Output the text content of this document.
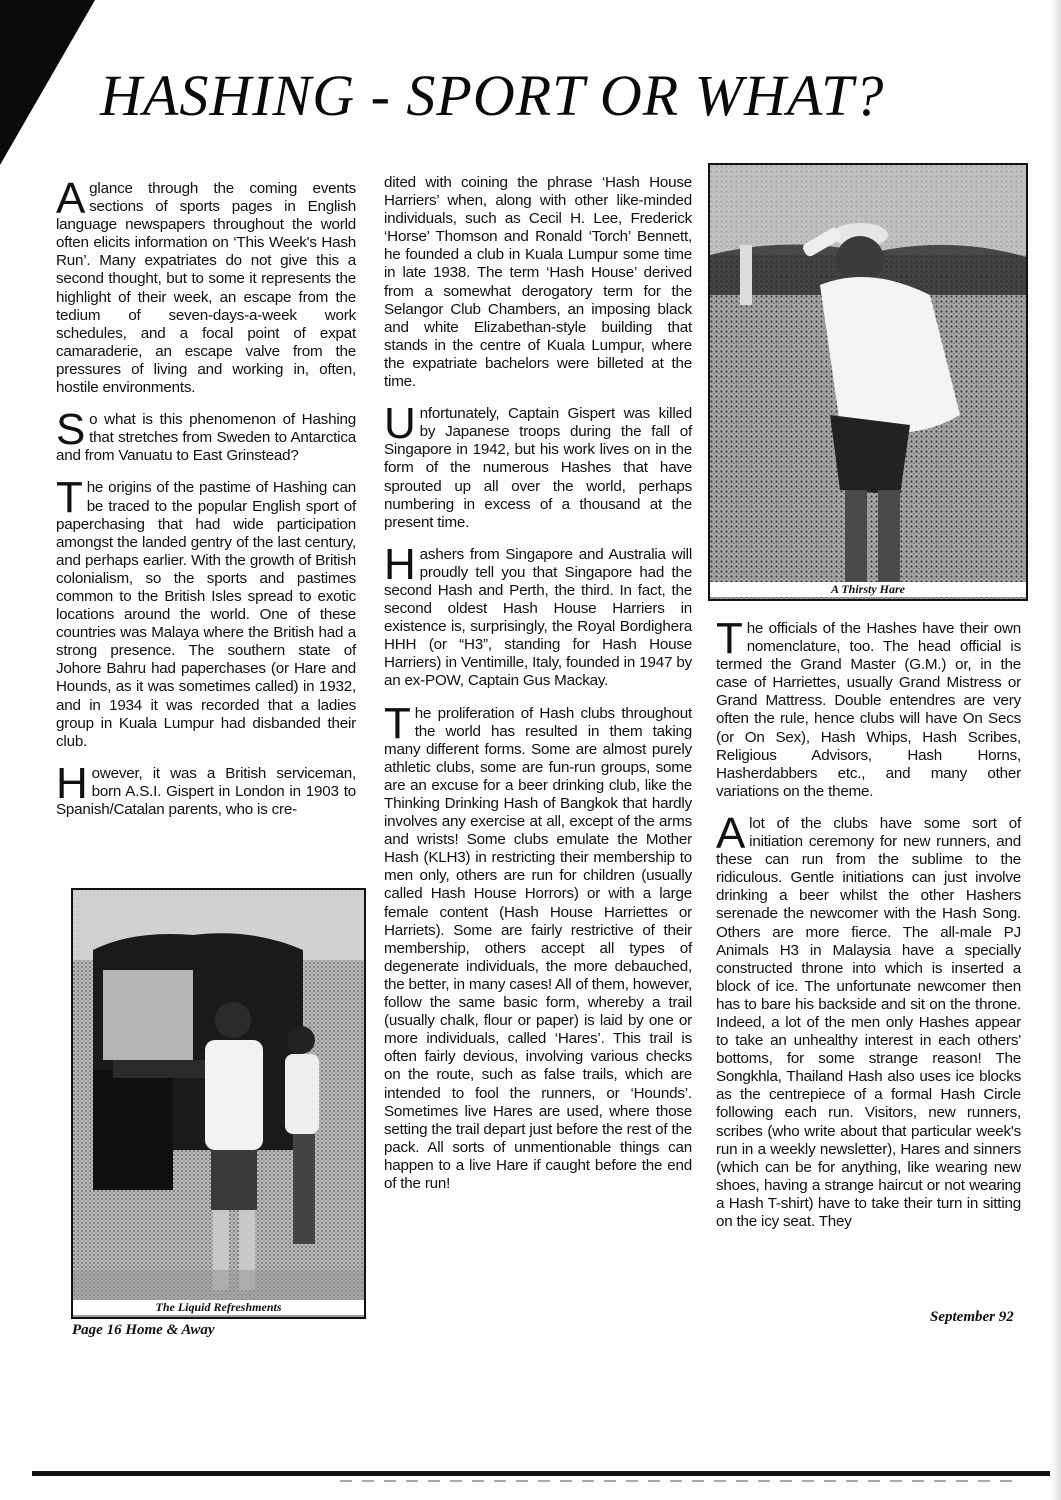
HASHING - SPORT OR WHAT?

Aglance through the coming events sections of sports pages in English language newspapers throughout the world often elicits information on ‘This Week's Hash Run’. Many expatriates do not give this a second thought, but to some it represents the highlight of their week, an escape from the tedium of seven-days-a-week work schedules, and a focal point of expat camaraderie, an escape valve from the pressures of living and working in, often, hostile environments.

So what is this phenomenon of Hashing that stretches from Sweden to Antarctica and from Vanuatu to East Grinstead?

The origins of the pastime of Hashing can be traced to the popular English sport of paperchasing that had wide participation amongst the landed gentry of the last century, and perhaps earlier. With the growth of British colonialism, so the sports and pastimes common to the British Isles spread to exotic locations around the world. One of these countries was Malaya where the British had a strong presence. The southern state of Johore Bahru had paperchases (or Hare and Hounds, as it was sometimes called) in 1932, and in 1934 it was recorded that a ladies group in Kuala Lumpur had disbanded their club.

However, it was a British serviceman, born A.S.I. Gispert in London in 1903 to Spanish/Catalan parents, who is cre-

The Liquid Refreshments

dited with coining the phrase ‘Hash House Harriers’ when, along with other like-minded individuals, such as Cecil H. Lee, Frederick ‘Horse’ Thomson and Ronald ‘Torch’ Bennett, he founded a club in Kuala Lumpur some time in late 1938. The term ‘Hash House’ derived from a somewhat derogatory term for the Selangor Club Chambers, an imposing black and white Elizabethan-style building that stands in the centre of Kuala Lumpur, where the expatriate bachelors were billeted at the time.

Unfortunately, Captain Gispert was killed by Japanese troops during the fall of Singapore in 1942, but his work lives on in the form of the numerous Hashes that have sprouted up all over the world, perhaps numbering in excess of a thousand at the present time.

Hashers from Singapore and Australia will proudly tell you that Singapore had the second Hash and Perth, the third. In fact, the second oldest Hash House Harriers in existence is, surprisingly, the Royal Bordighera HHH (or “H3”, standing for Hash House Harriers) in Ventimille, Italy, founded in 1947 by an ex-POW, Captain Gus Mackay.

The proliferation of Hash clubs throughout the world has resulted in them taking many different forms. Some are almost purely athletic clubs, some are fun-run groups, some are an excuse for a beer drinking club, like the Thinking Drinking Hash of Bangkok that hardly involves any exercise at all, except of the arms and wrists! Some clubs emulate the Mother Hash (KLH3) in restricting their membership to men only, others are run for children (usually called Hash House Horrors) or with a large female content (Hash House Harriettes or Harriets). Some are fairly restrictive of their membership, others accept all types of degenerate individuals, the more debauched, the better, in many cases! All of them, however, follow the same basic form, whereby a trail (usually chalk, flour or paper) is laid by one or more individuals, called ‘Hares’. This trail is often fairly devious, involving various checks on the route, such as false trails, which are intended to fool the runners, or ‘Hounds’. Sometimes live Hares are used, where those setting the trail depart just before the rest of the pack. All sorts of unmentionable things can happen to a live Hare if caught before the end of the run!

A Thirsty Hare

The officials of the Hashes have their own nomenclature, too. The head official is termed the Grand Master (G.M.) or, in the case of Harriettes, usually Grand Mistress or Grand Mattress. Double entendres are very often the rule, hence clubs will have On Secs (or On Sex), Hash Whips, Hash Scribes, Religious Advisors, Hash Horns, Hasherdabbers etc., and many other variations on the theme.

Alot of the clubs have some sort of initiation ceremony for new runners, and these can run from the sublime to the ridiculous. Gentle initiations can just involve drinking a beer whilst the other Hashers serenade the newcomer with the Hash Song. Others are more fierce. The all-male PJ Animals H3 in Malaysia have a specially constructed throne into which is inserted a block of ice. The unfortunate newcomer then has to bare his backside and sit on the throne. Indeed, a lot of the men only Hashes appear to take an unhealthy interest in each others' bottoms, for some strange reason! The Songkhla, Thailand Hash also uses ice blocks as the centrepiece of a formal Hash Circle following each run. Visitors, new runners, scribes (who write about that particular week's run in a weekly newsletter), Hares and sinners (which can be for anything, like wearing new shoes, having a strange haircut or not wearing a Hash T-shirt) have to take their turn in sitting on the icy seat. They

Page 16 Home & Away
September 92
